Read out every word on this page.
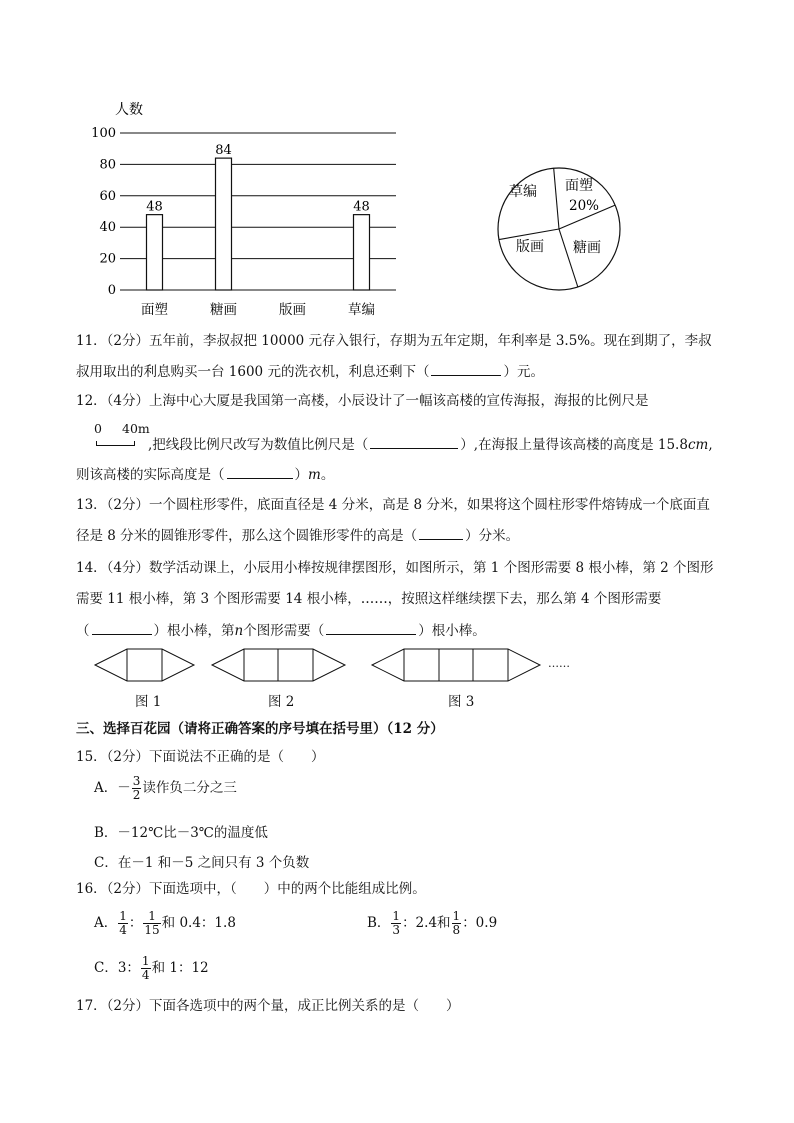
人数
100
80
60
40
20
0
48
84
48
面塑	糖画	版画	草编
草编 面塑
20%
糖画
版画
11．（2分）五年前，李叔叔把 10000 元存入银行，存期为五年定期，年利率是 3.5%。现在到期了，李叔
叔用取出的利息购买一台 1600 元的洗衣机，利息还剩下（	）元。
12．（4分）上海中心大厦是我国第一高楼，小辰设计了一幅该高楼的宣传海报，海报的比例尺是
0 40m
,把线段比例尺改写为数值比例尺是（	）,在海报上量得该高楼的高度是 15.8cm,
则该高楼的实际高度是（	）m。
13．（2分）一个圆柱形零件，底面直径是 4 分米，高是 8 分米，如果将这个圆柱形零件熔铸成一个底面直
径是 8 分米的圆锥形零件，那么这个圆锥形零件的高是（	）分米。
14．（4分）数学活动课上，小辰用小棒按规律摆图形，如图所示，第 1 个图形需要 8 根小棒，第 2 个图形
需要 11 根小棒，第 3 个图形需要 14 根小棒，……，按照这样继续摆下去，那么第 4 个图形需要
（	）根小棒，第n个图形需要（	）根小棒。
……
图 1	图 2	图 3
三、选择百花园（请将正确答案的序号填在括号里）（12 分）
15．（2分）下面说法不正确的是（　　）
A．－ $\frac{3}{2}$ 读作负二分之三
B．－12℃比－3℃的温度低
C．在－1 和－5 之间只有 3 个负数
16．（2分）下面选项中，（　　）中的两个比能组成比例。
A． $\frac{1}{4}$ ： $\frac{1}{15}$ 和 0.4：1.8	B． $\frac{1}{3}$ ：2.4和 $\frac{1}{8}$ ：0.9
C．3： $\frac{1}{4}$ 和 1：12
17．（2分）下面各选项中的两个量，成正比例关系的是（　　）
